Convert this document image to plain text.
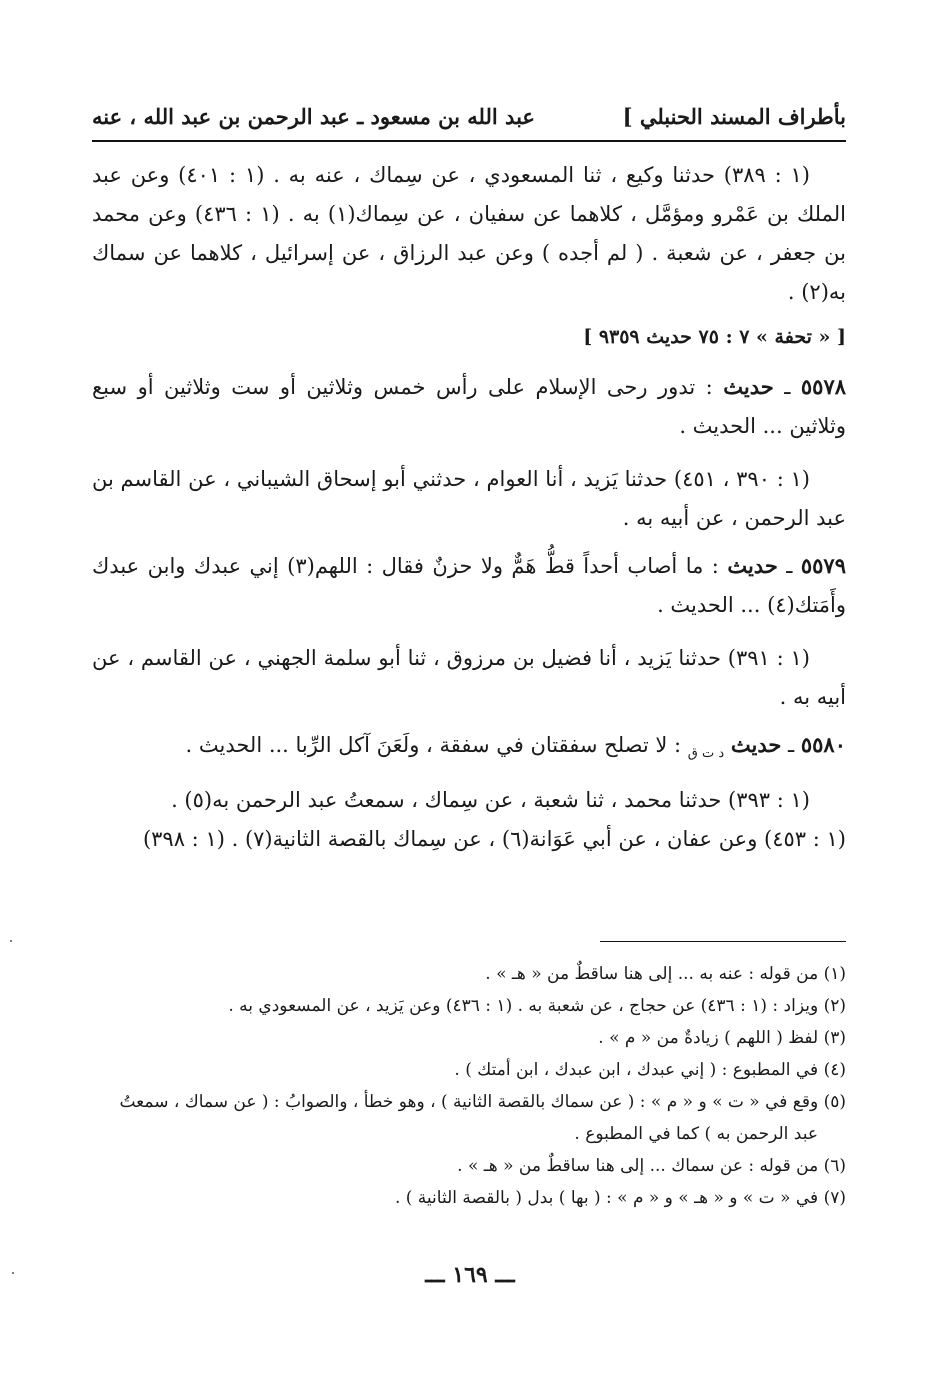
بأطراف المسند الحنبلي ]
عبد الله بن مسعود ـ عبد الرحمن بن عبد الله ، عنه

(١ : ٣٨٩) حدثنا وكيع ، ثنا المسعودي ، عن سِماك ، عنه به . (١ : ٤٠١) وعن عبد الملك بن عَمْرو ومؤمَّل ، كلاهما عن سفيان ، عن سِماك(١) به . (١ : ٤٣٦) وعن محمد بن جعفر ، عن شعبة . ( لم أجده ) وعن عبد الرزاق ، عن إسرائيل ، كلاهما عن سماك به(٢) .

[ « تحفة » ٧ : ٧٥ حديث ٩٣٥٩ ]

٥٥٧٨ ـ حديث : تدور رحى الإسلام على رأس خمس وثلاثين أو ست وثلاثين أو سبع وثلاثين ... الحديث .

(١ : ٣٩٠ ، ٤٥١) حدثنا يَزيد ، أنا العوام ، حدثني أبو إسحاق الشيباني ، عن القاسم بن عبد الرحمن ، عن أبيه به .

٥٥٧٩ ـ حديث : ما أصاب أحداً قطُّ هَمٌّ ولا حزنٌ فقال : اللهم(٣) إني عبدك وابن عبدك وأَمَتك(٤) ... الحديث .

(١ : ٣٩١) حدثنا يَزيد ، أنا فضيل بن مرزوق ، ثنا أبو سلمة الجهني ، عن القاسم ، عن أبيه به .

٥٥٨٠ ـ حديث $_{د ت ق}$ : لا تصلح سفقتان في سفقة ، ولَعَنَ آكل الرِّبا ... الحديث .

(١ : ٣٩٣) حدثنا محمد ، ثنا شعبة ، عن سِماك ، سمعتُ عبد الرحمن به(٥) .

(١ : ٤٥٣) وعن عفان ، عن أبي عَوَانة(٦) ، عن سِماك بالقصة الثانية(٧) . (١ : ٣٩٨)

(١) من قوله : عنه به ... إلى هنا ساقطٌ من « هـ » .

(٢) ويزاد : (١ : ٤٣٦) عن حجاج ، عن شعبة به . (١ : ٤٣٦) وعن يَزيد ، عن المسعودي به .

(٣) لفظ ( اللهم ) زيادةٌ من « م » .

(٤) في المطبوع : ( إني عبدك ، ابن عبدك ، ابن أمتك ) .

(٥) وقع في « ت » و « م » : ( عن سماك بالقصة الثانية ) ، وهو خطأ ، والصوابُ : ( عن سماك ، سمعتُ

عبد الرحمن به ) كما في المطبوع .

(٦) من قوله : عن سماك ... إلى هنا ساقطٌ من « هـ » .

(٧) في « ت » و « هـ » و « م » : ( بها ) بدل ( بالقصة الثانية ) .

ـــ ١٦٩ ـــ
